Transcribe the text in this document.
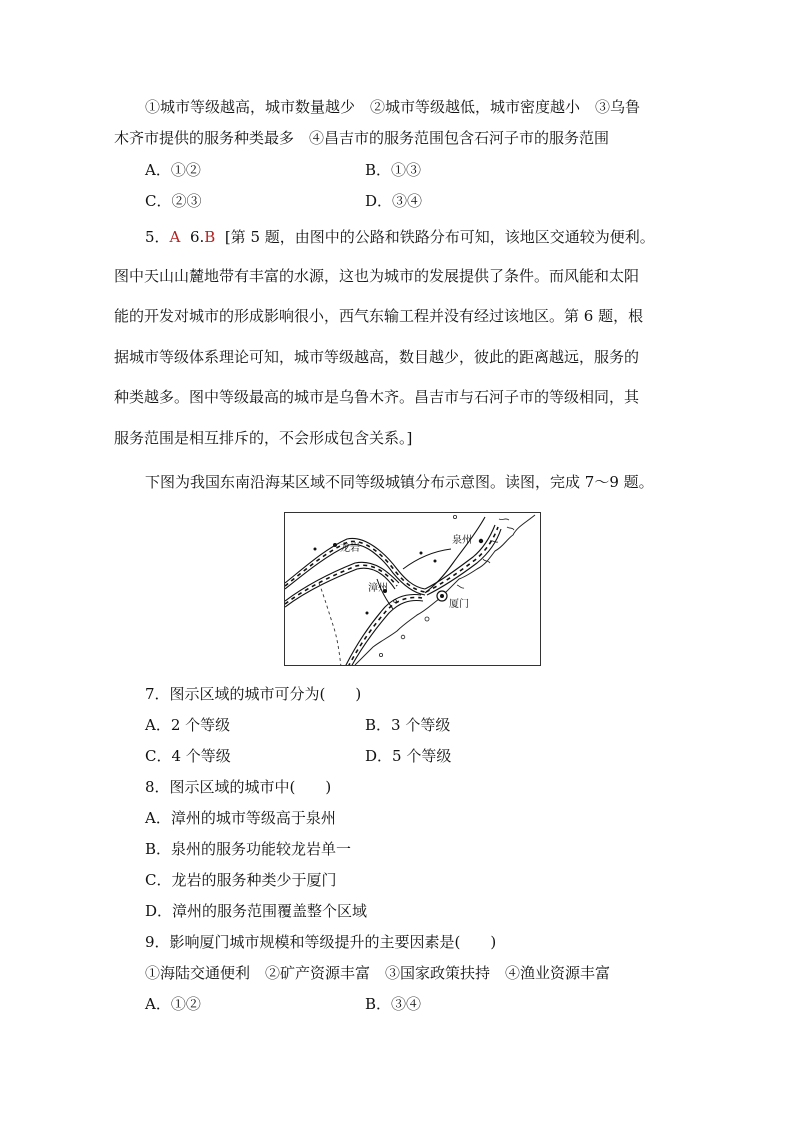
①城市等级越高，城市数量越少　②城市等级越低，城市密度越小　③乌鲁
木齐市提供的服务种类最多　④昌吉市的服务范围包含石河子市的服务范围
A．①②	B．①③
C．②③	D．③④
5．A 6.B [第 5 题，由图中的公路和铁路分布可知，该地区交通较为便利。
图中天山山麓地带有丰富的水源，这也为城市的发展提供了条件。而风能和太阳
能的开发对城市的形成影响很小，西气东输工程并没有经过该地区。第 6 题，根
据城市等级体系理论可知，城市等级越高，数目越少，彼此的距离越远，服务的
种类越多。图中等级最高的城市是乌鲁木齐。昌吉市与石河子市的等级相同，其
服务范围是相互排斥的，不会形成包含关系。]
下图为我国东南沿海某区域不同等级城镇分布示意图。读图，完成 7～9 题。
龙岩
泉州
漳州
厦门
7．图示区域的城市可分为(　　)
A．2 个等级	B．3 个等级
C．4 个等级	D．5 个等级
8．图示区域的城市中(　　)
A．漳州的城市等级高于泉州
B．泉州的服务功能较龙岩单一
C．龙岩的服务种类少于厦门
D．漳州的服务范围覆盖整个区域
9．影响厦门城市规模和等级提升的主要因素是(　　)
①海陆交通便利　②矿产资源丰富　③国家政策扶持　④渔业资源丰富
A．①②	B．③④
